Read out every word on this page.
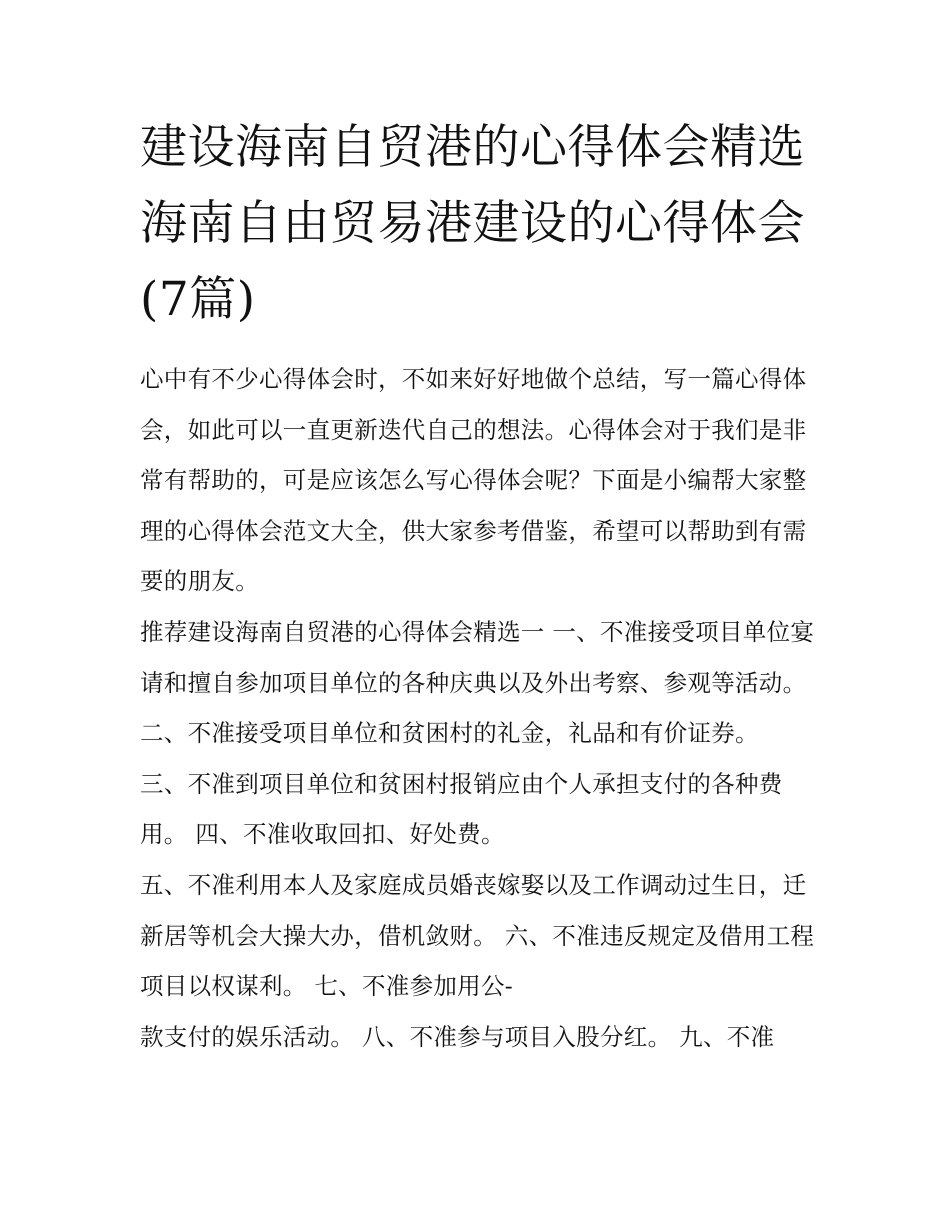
建设海南自贸港的心得体会精选 海南自由贸易港建设的心得体会(7篇)

心中有不少心得体会时，不如来好好地做个总结，写一篇心得体会，如此可以一直更新迭代自己的想法。心得体会对于我们是非常有帮助的，可是应该怎么写心得体会呢？下面是小编帮大家整理的心得体会范文大全，供大家参考借鉴，希望可以帮助到有需要的朋友。

推荐建设海南自贸港的心得体会精选一 一、不准接受项目单位宴请和擅自参加项目单位的各种庆典以及外出考察、参观等活动。

二、不准接受项目单位和贫困村的礼金，礼品和有价证券。

三、不准到项目单位和贫困村报销应由个人承担支付的各种费用。 四、不准收取回扣、好处费。

五、不准利用本人及家庭成员婚丧嫁娶以及工作调动过生日，迁新居等机会大操大办，借机敛财。 六、不准违反规定及借用工程项目以权谋利。 七、不准参加用公-

款支付的娱乐活动。 八、不准参与项目入股分红。 九、不准
